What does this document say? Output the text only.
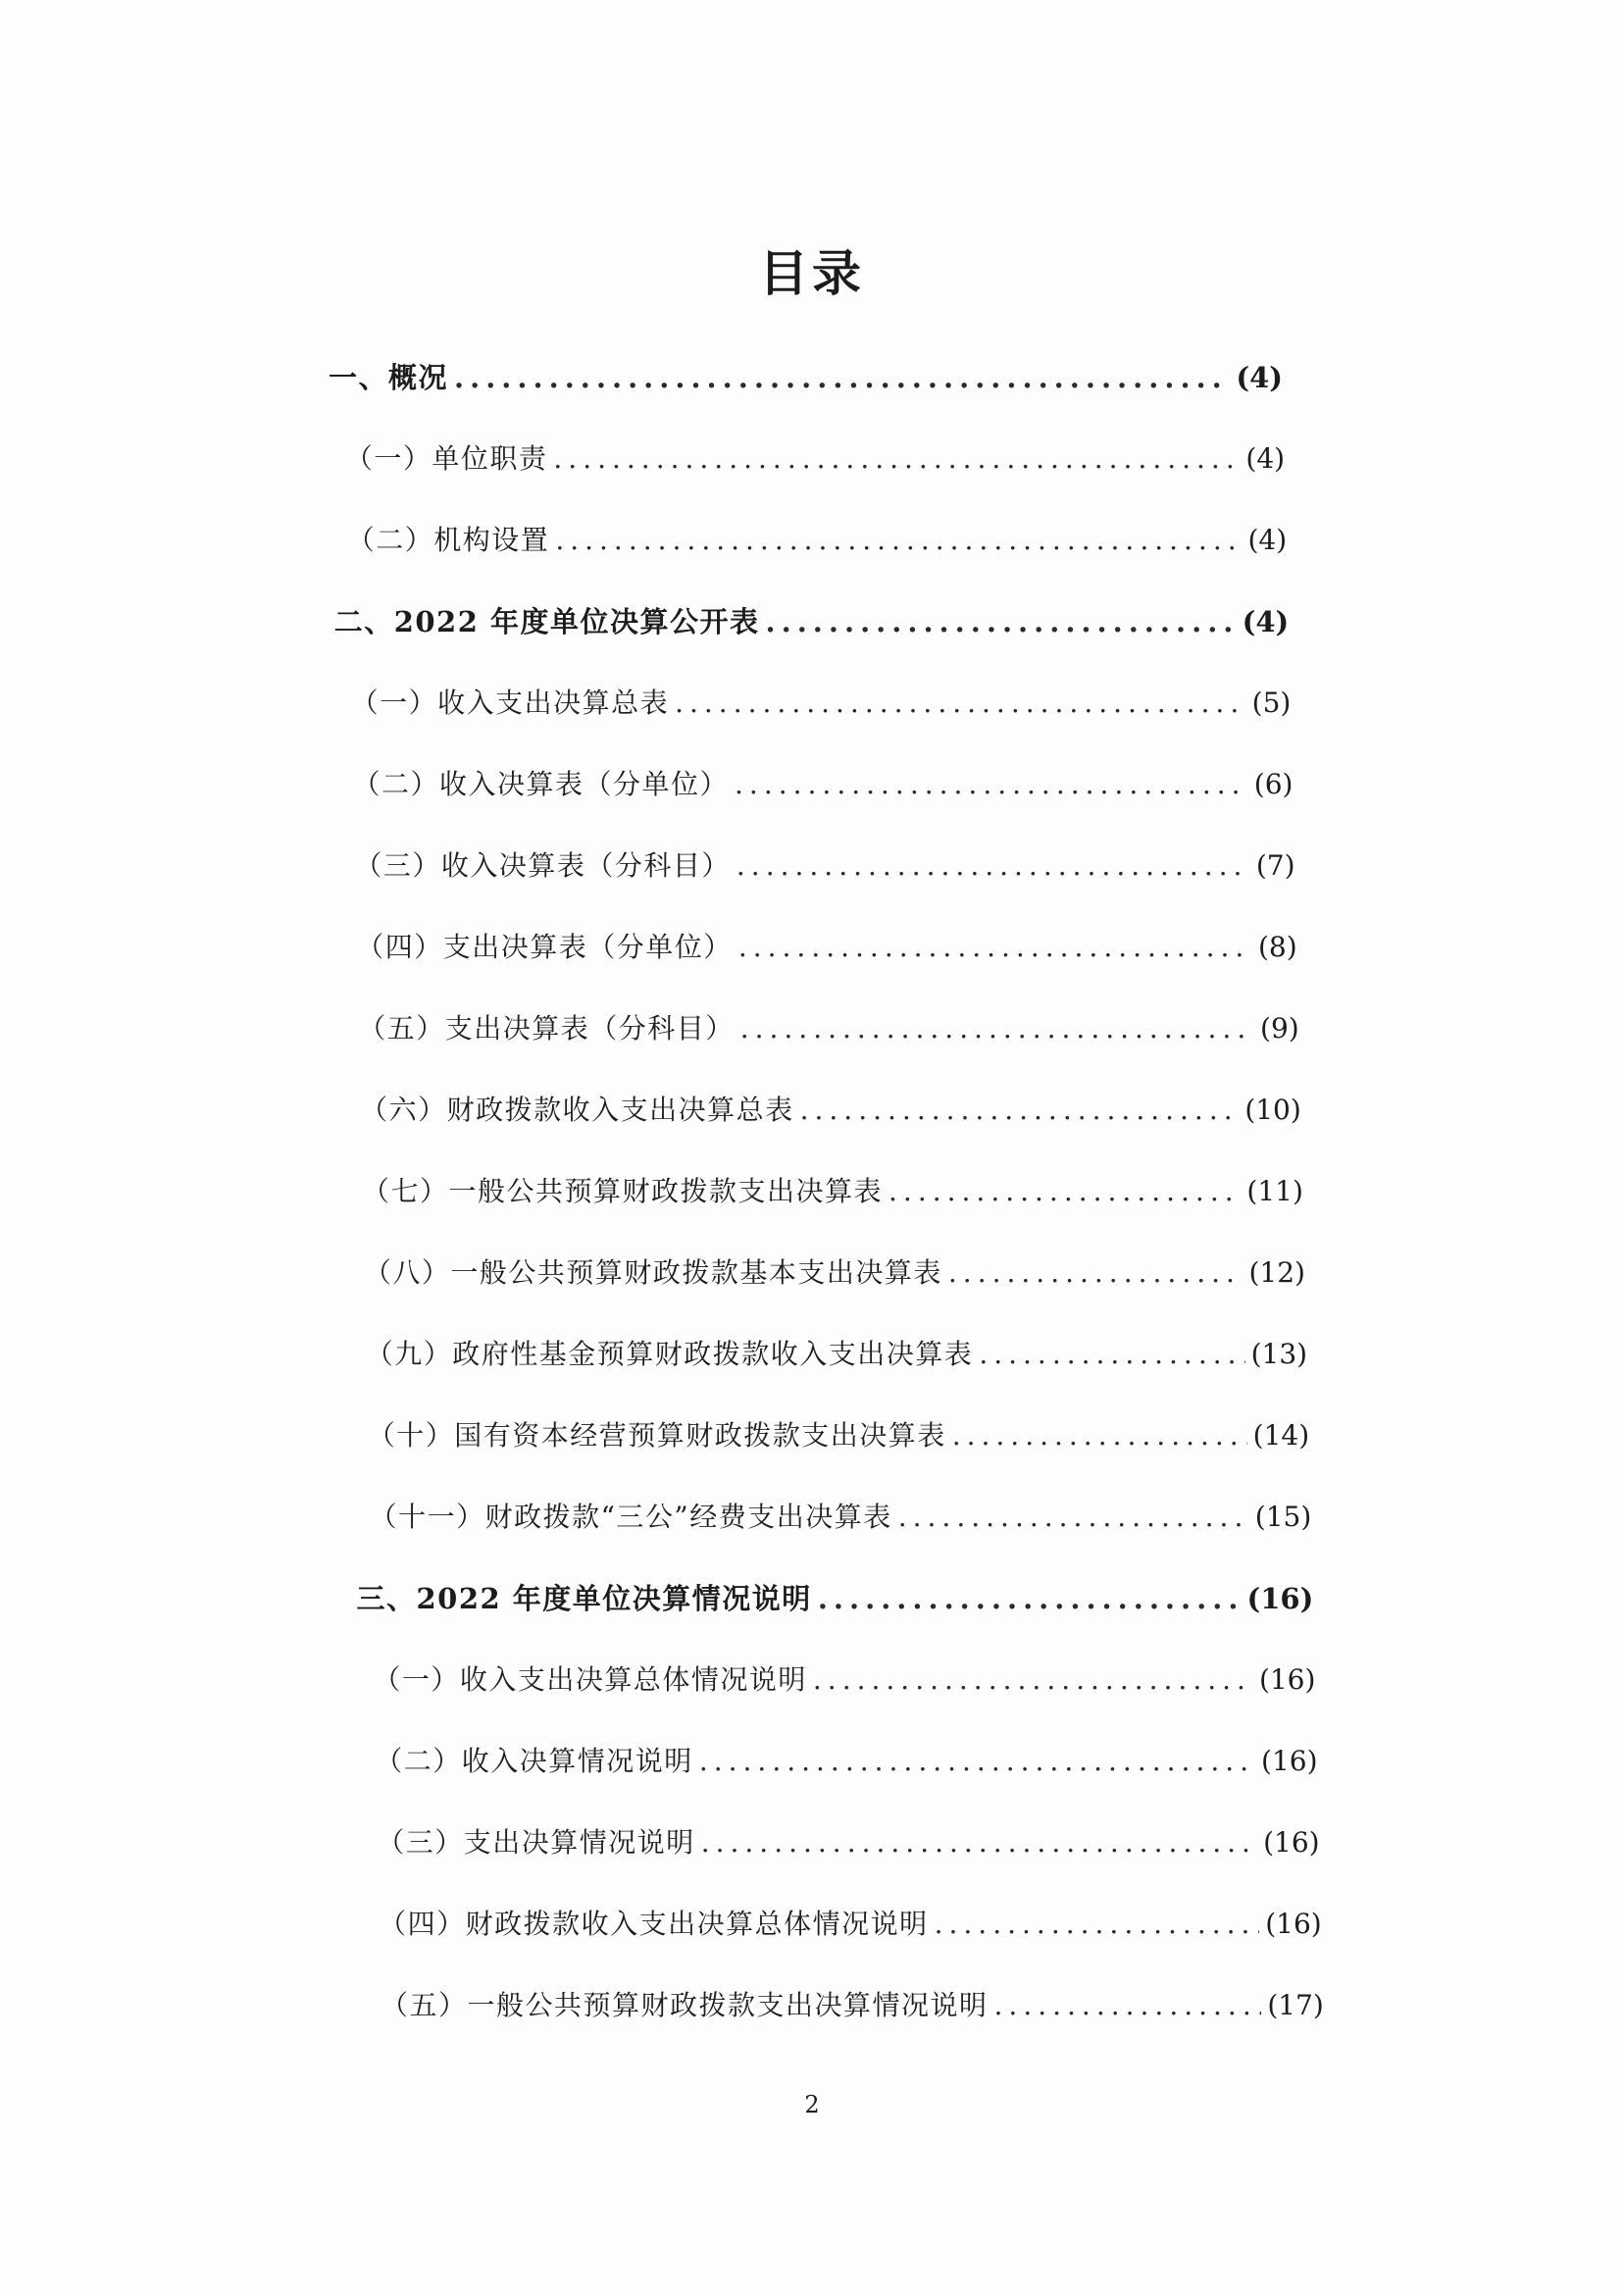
目录
一、概况 .....	(4)
（一）单位职责 .....	(4)
（二）机构设置 .....	(4)
二、2022 年度单位决算公开表 .....	(4)
（一）收入支出决算总表 .....	(5)
（二）收入决算表（分单位） .....	(6)
（三）收入决算表（分科目） .....	(7)
（四）支出决算表（分单位） .....	(8)
（五）支出决算表（分科目） .....	(9)
（六）财政拨款收入支出决算总表 .....	(10)
（七）一般公共预算财政拨款支出决算表 .....	(11)
（八）一般公共预算财政拨款基本支出决算表 .....	(12)
（九）政府性基金预算财政拨款收入支出决算表 .....	(13)
（十）国有资本经营预算财政拨款支出决算表 .....	(14)
（十一）财政拨款“三公”经费支出决算表 .....	(15)
三、2022 年度单位决算情况说明 .....	(16)
（一）收入支出决算总体情况说明 .....	(16)
（二）收入决算情况说明 .....	(16)
（三）支出决算情况说明 .....	(16)
（四）财政拨款收入支出决算总体情况说明 .....	(16)
（五）一般公共预算财政拨款支出决算情况说明 .....	(17)
2
